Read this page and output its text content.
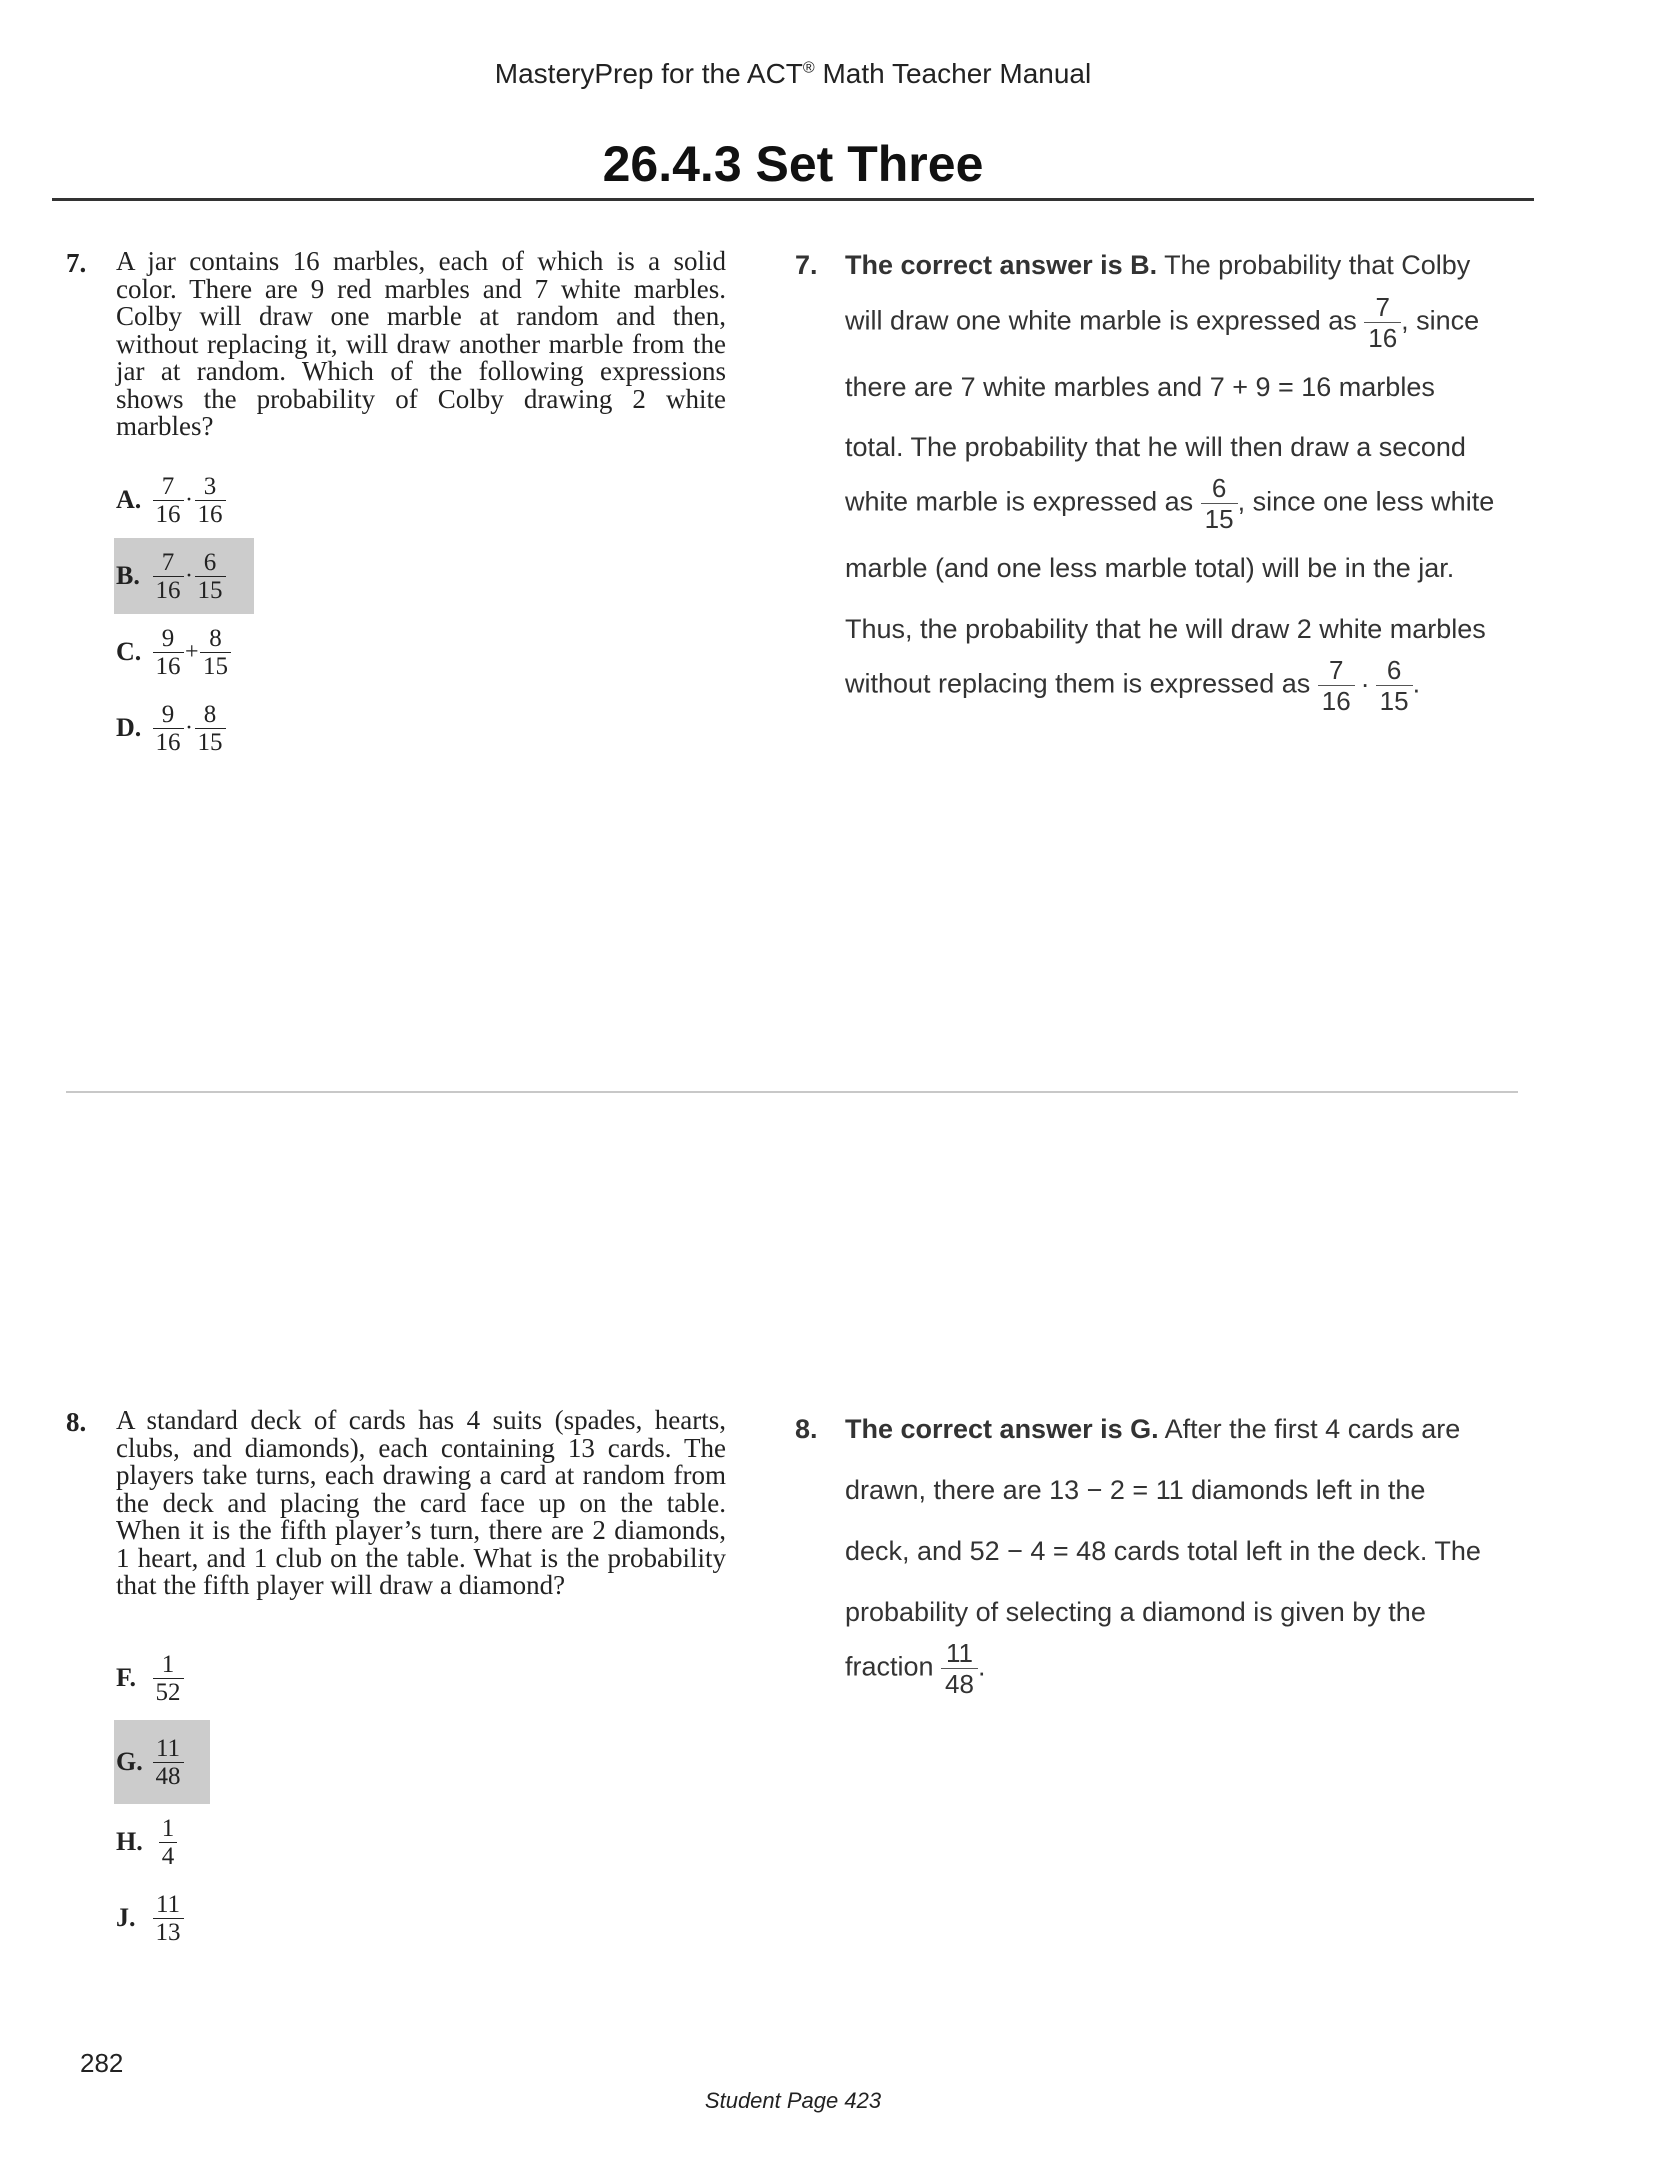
MasteryPrep for the ACT® Math Teacher Manual
26.4.3 Set Three
7. A jar contains 16 marbles, each of which is a solid color. There are 9 red marbles and 7 white marbles. Colby will draw one marble at random and then, without replacing it, will draw another marble from the jar at random. Which of the following expressions shows the probability of Colby drawing 2 white marbles?

A. $\frac{7}{16} \cdot \frac{3}{16}$
B. $\frac{7}{16} \cdot \frac{6}{15}$
C. $\frac{9}{16} + \frac{8}{15}$
D. $\frac{9}{16} \cdot \frac{8}{15}$
7. The correct answer is B. The probability that Colby
will draw one white marble is expressed as $\frac{7}{16}$ , since
there are 7 white marbles and 7 + 9 = 16 marbles
total. The probability that he will then draw a second
white marble is expressed as $\frac{6}{15}$ , since one less white
marble (and one less marble total) will be in the jar.
Thus, the probability that he will draw 2 white marbles
without replacing them is expressed as $\frac{7}{16} \cdot \frac{6}{15}$ .
8. A standard deck of cards has 4 suits (spades, hearts, clubs, and diamonds), each containing 13 cards. The players take turns, each drawing a card at random from the deck and placing the card face up on the table. When it is the fifth player’s turn, there are 2 diamonds, 1 heart, and 1 club on the table. What is the probability that the fifth player will draw a diamond?

F. $\frac{1}{52}$
G. $\frac{11}{48}$
H. $\frac{1}{4}$
J. $\frac{11}{13}$
8. The correct answer is G. After the first 4 cards are
drawn, there are 13 − 2 = 11 diamonds left in the
deck, and 52 − 4 = 48 cards total left in the deck. The
probability of selecting a diamond is given by the
fraction $\frac{11}{48}$ .
282
Student Page 423
